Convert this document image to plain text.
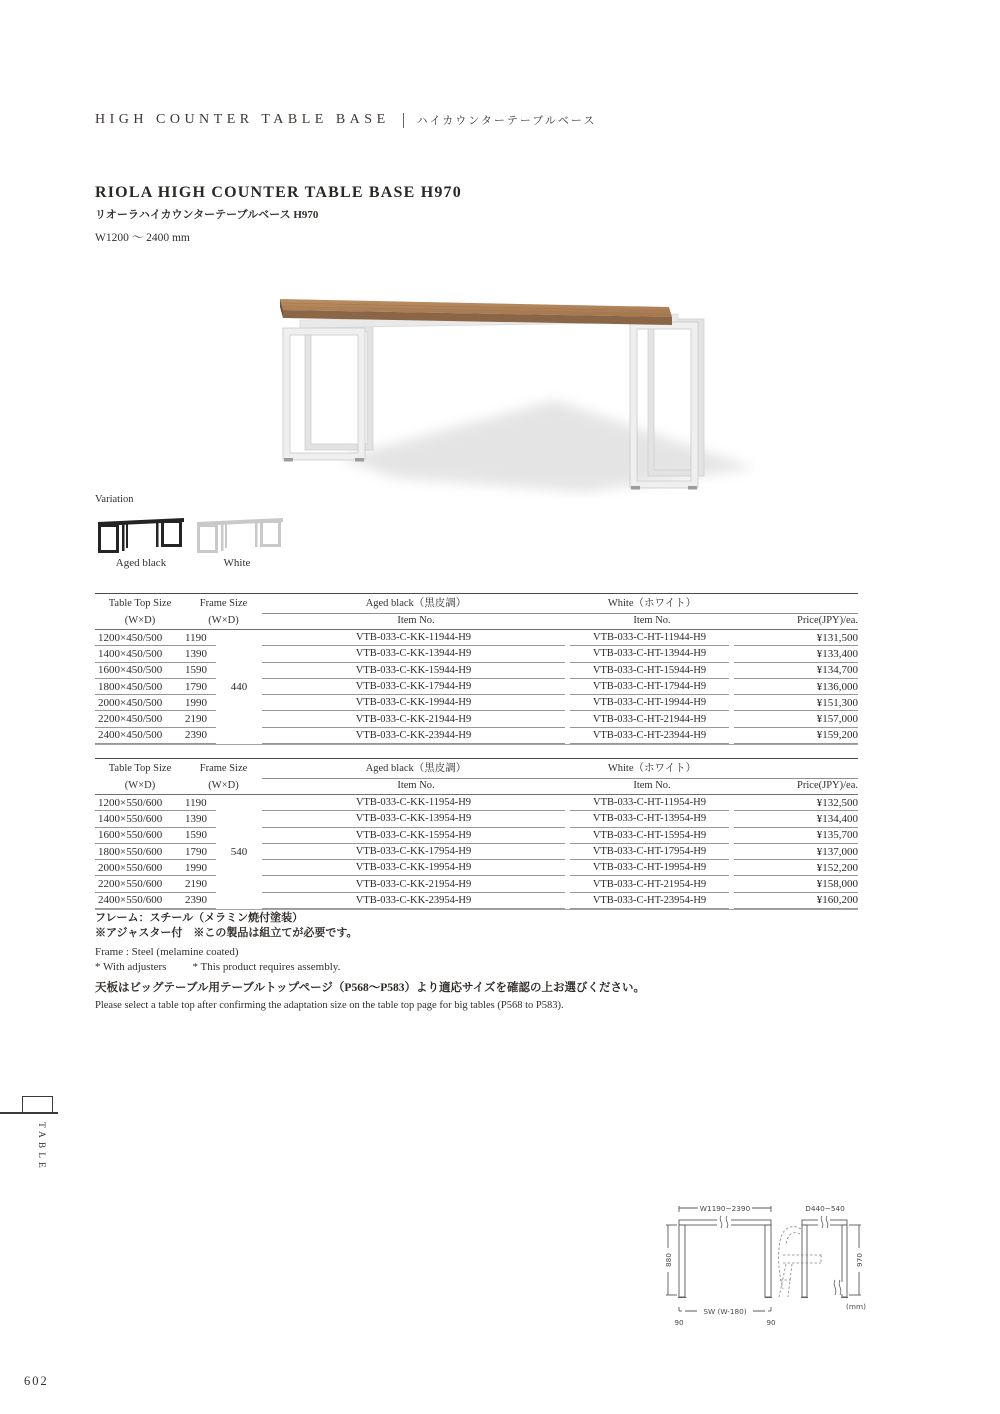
HIGH COUNTER TABLE BASE ハイカウンターテーブルベース
RIOLA HIGH COUNTER TABLE BASE H970
リオーラハイカウンターテーブルベース H970
W1200 ～ 2400 mm
Variation
Aged black	White
Table Top Size	Frame Size	Aged black（黒皮調）	White（ホワイト）
(W×D)	(W×D)	Item No.	Item No.	Price(JPY)/ea.
1200×450/500	1190	VTB-033-C-KK-11944-H9	VTB-033-C-HT-11944-H9	¥131,500
1400×450/500	1390	VTB-033-C-KK-13944-H9	VTB-033-C-HT-13944-H9	¥133,400
1600×450/500	1590	VTB-033-C-KK-15944-H9	VTB-033-C-HT-15944-H9	¥134,700
1800×450/500	1790	VTB-033-C-KK-17944-H9	VTB-033-C-HT-17944-H9	¥136,000
2000×450/500	1990	VTB-033-C-KK-19944-H9	VTB-033-C-HT-19944-H9	¥151,300
2200×450/500	2190	VTB-033-C-KK-21944-H9	VTB-033-C-HT-21944-H9	¥157,000
2400×450/500	2390	VTB-033-C-KK-23944-H9	VTB-033-C-HT-23944-H9	¥159,200
440
Table Top Size	Frame Size	Aged black（黒皮調）	White（ホワイト）
(W×D)	(W×D)	Item No.	Item No.	Price(JPY)/ea.
1200×550/600	1190	VTB-033-C-KK-11954-H9	VTB-033-C-HT-11954-H9	¥132,500
1400×550/600	1390	VTB-033-C-KK-13954-H9	VTB-033-C-HT-13954-H9	¥134,400
1600×550/600	1590	VTB-033-C-KK-15954-H9	VTB-033-C-HT-15954-H9	¥135,700
1800×550/600	1790	VTB-033-C-KK-17954-H9	VTB-033-C-HT-17954-H9	¥137,000
2000×550/600	1990	VTB-033-C-KK-19954-H9	VTB-033-C-HT-19954-H9	¥152,200
2200×550/600	2190	VTB-033-C-KK-21954-H9	VTB-033-C-HT-21954-H9	¥158,000
2400×550/600	2390	VTB-033-C-KK-23954-H9	VTB-033-C-HT-23954-H9	¥160,200
540
フレーム：スチール（メラミン焼付塗装）
※アジャスター付　※この製品は組立てが必要です。
Frame : Steel (melamine coated)
* With adjusters * This product requires assembly.
天板はビッグテーブル用テーブルトップページ（P568～P583）より適応サイズを確認の上お選びください。
Please select a table top after confirming the adaptation size on the table top page for big tables (P568 to P583).
TABLE
W1190~2390
880
SW (W-180)
90	90
D440~540
970
(mm)
602
